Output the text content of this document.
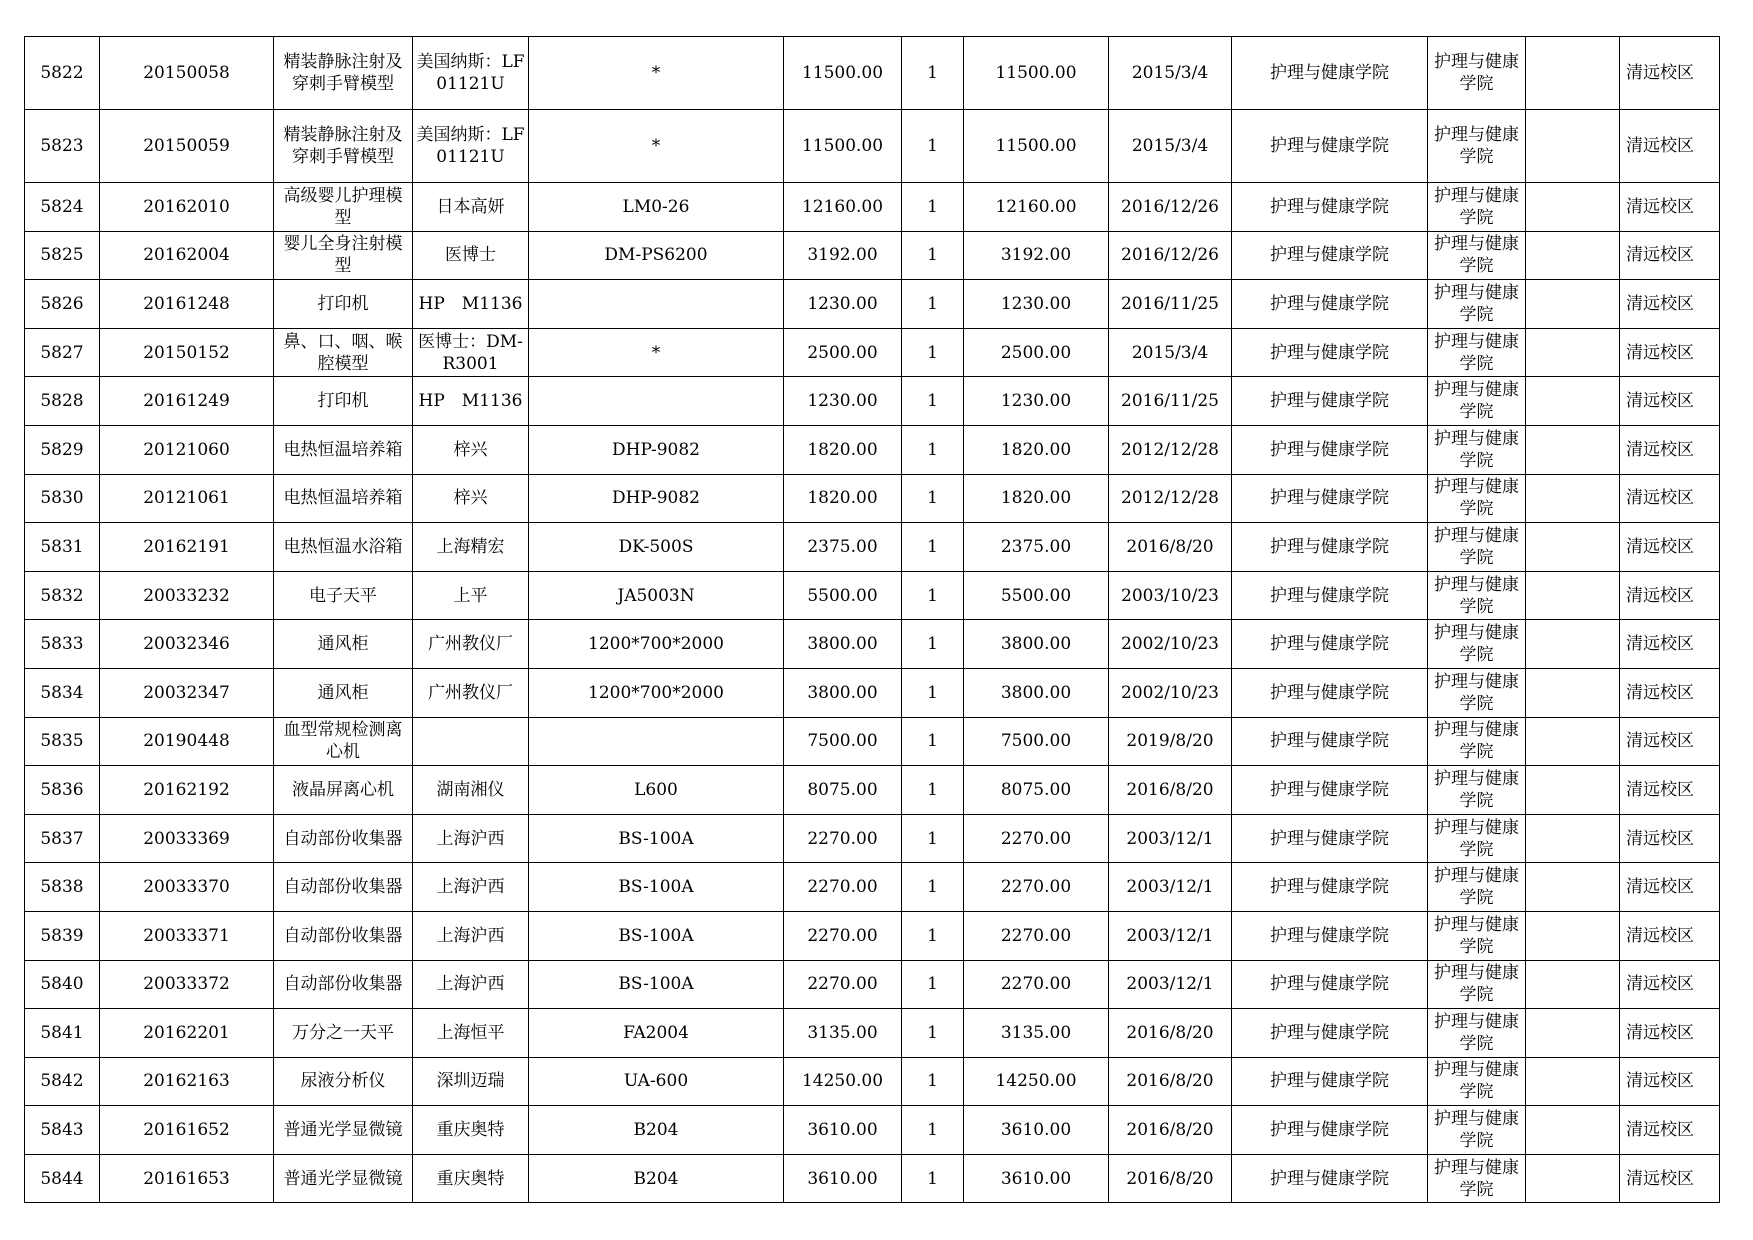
5822	20150058	精装静脉注射及穿刺手臂模型	美国纳斯：LF01121U	*	11500.00	1	11500.00	2015/3/4	护理与健康学院	护理与健康学院		清远校区
5823	20150059	精装静脉注射及穿刺手臂模型	美国纳斯：LF01121U	*	11500.00	1	11500.00	2015/3/4	护理与健康学院	护理与健康学院		清远校区
5824	20162010	高级婴儿护理模型	日本高妍	LM0-26	12160.00	1	12160.00	2016/12/26	护理与健康学院	护理与健康学院		清远校区
5825	20162004	婴儿全身注射模型	医博士	DM-PS6200	3192.00	1	3192.00	2016/12/26	护理与健康学院	护理与健康学院		清远校区
5826	20161248	打印机	HP　M1136		1230.00	1	1230.00	2016/11/25	护理与健康学院	护理与健康学院		清远校区
5827	20150152	鼻、口、咽、喉腔模型	医博士：DM-R3001	*	2500.00	1	2500.00	2015/3/4	护理与健康学院	护理与健康学院		清远校区
5828	20161249	打印机	HP　M1136		1230.00	1	1230.00	2016/11/25	护理与健康学院	护理与健康学院		清远校区
5829	20121060	电热恒温培养箱	梓兴	DHP-9082	1820.00	1	1820.00	2012/12/28	护理与健康学院	护理与健康学院		清远校区
5830	20121061	电热恒温培养箱	梓兴	DHP-9082	1820.00	1	1820.00	2012/12/28	护理与健康学院	护理与健康学院		清远校区
5831	20162191	电热恒温水浴箱	上海精宏	DK-500S	2375.00	1	2375.00	2016/8/20	护理与健康学院	护理与健康学院		清远校区
5832	20033232	电子天平	上平	JA5003N	5500.00	1	5500.00	2003/10/23	护理与健康学院	护理与健康学院		清远校区
5833	20032346	通风柜	广州教仪厂	1200*700*2000	3800.00	1	3800.00	2002/10/23	护理与健康学院	护理与健康学院		清远校区
5834	20032347	通风柜	广州教仪厂	1200*700*2000	3800.00	1	3800.00	2002/10/23	护理与健康学院	护理与健康学院		清远校区
5835	20190448	血型常规检测离心机			7500.00	1	7500.00	2019/8/20	护理与健康学院	护理与健康学院		清远校区
5836	20162192	液晶屏离心机	湖南湘仪	L600	8075.00	1	8075.00	2016/8/20	护理与健康学院	护理与健康学院		清远校区
5837	20033369	自动部份收集器	上海沪西	BS-100A	2270.00	1	2270.00	2003/12/1	护理与健康学院	护理与健康学院		清远校区
5838	20033370	自动部份收集器	上海沪西	BS-100A	2270.00	1	2270.00	2003/12/1	护理与健康学院	护理与健康学院		清远校区
5839	20033371	自动部份收集器	上海沪西	BS-100A	2270.00	1	2270.00	2003/12/1	护理与健康学院	护理与健康学院		清远校区
5840	20033372	自动部份收集器	上海沪西	BS-100A	2270.00	1	2270.00	2003/12/1	护理与健康学院	护理与健康学院		清远校区
5841	20162201	万分之一天平	上海恒平	FA2004	3135.00	1	3135.00	2016/8/20	护理与健康学院	护理与健康学院		清远校区
5842	20162163	尿液分析仪	深圳迈瑞	UA-600	14250.00	1	14250.00	2016/8/20	护理与健康学院	护理与健康学院		清远校区
5843	20161652	普通光学显微镜	重庆奥特	B204	3610.00	1	3610.00	2016/8/20	护理与健康学院	护理与健康学院		清远校区
5844	20161653	普通光学显微镜	重庆奥特	B204	3610.00	1	3610.00	2016/8/20	护理与健康学院	护理与健康学院		清远校区
